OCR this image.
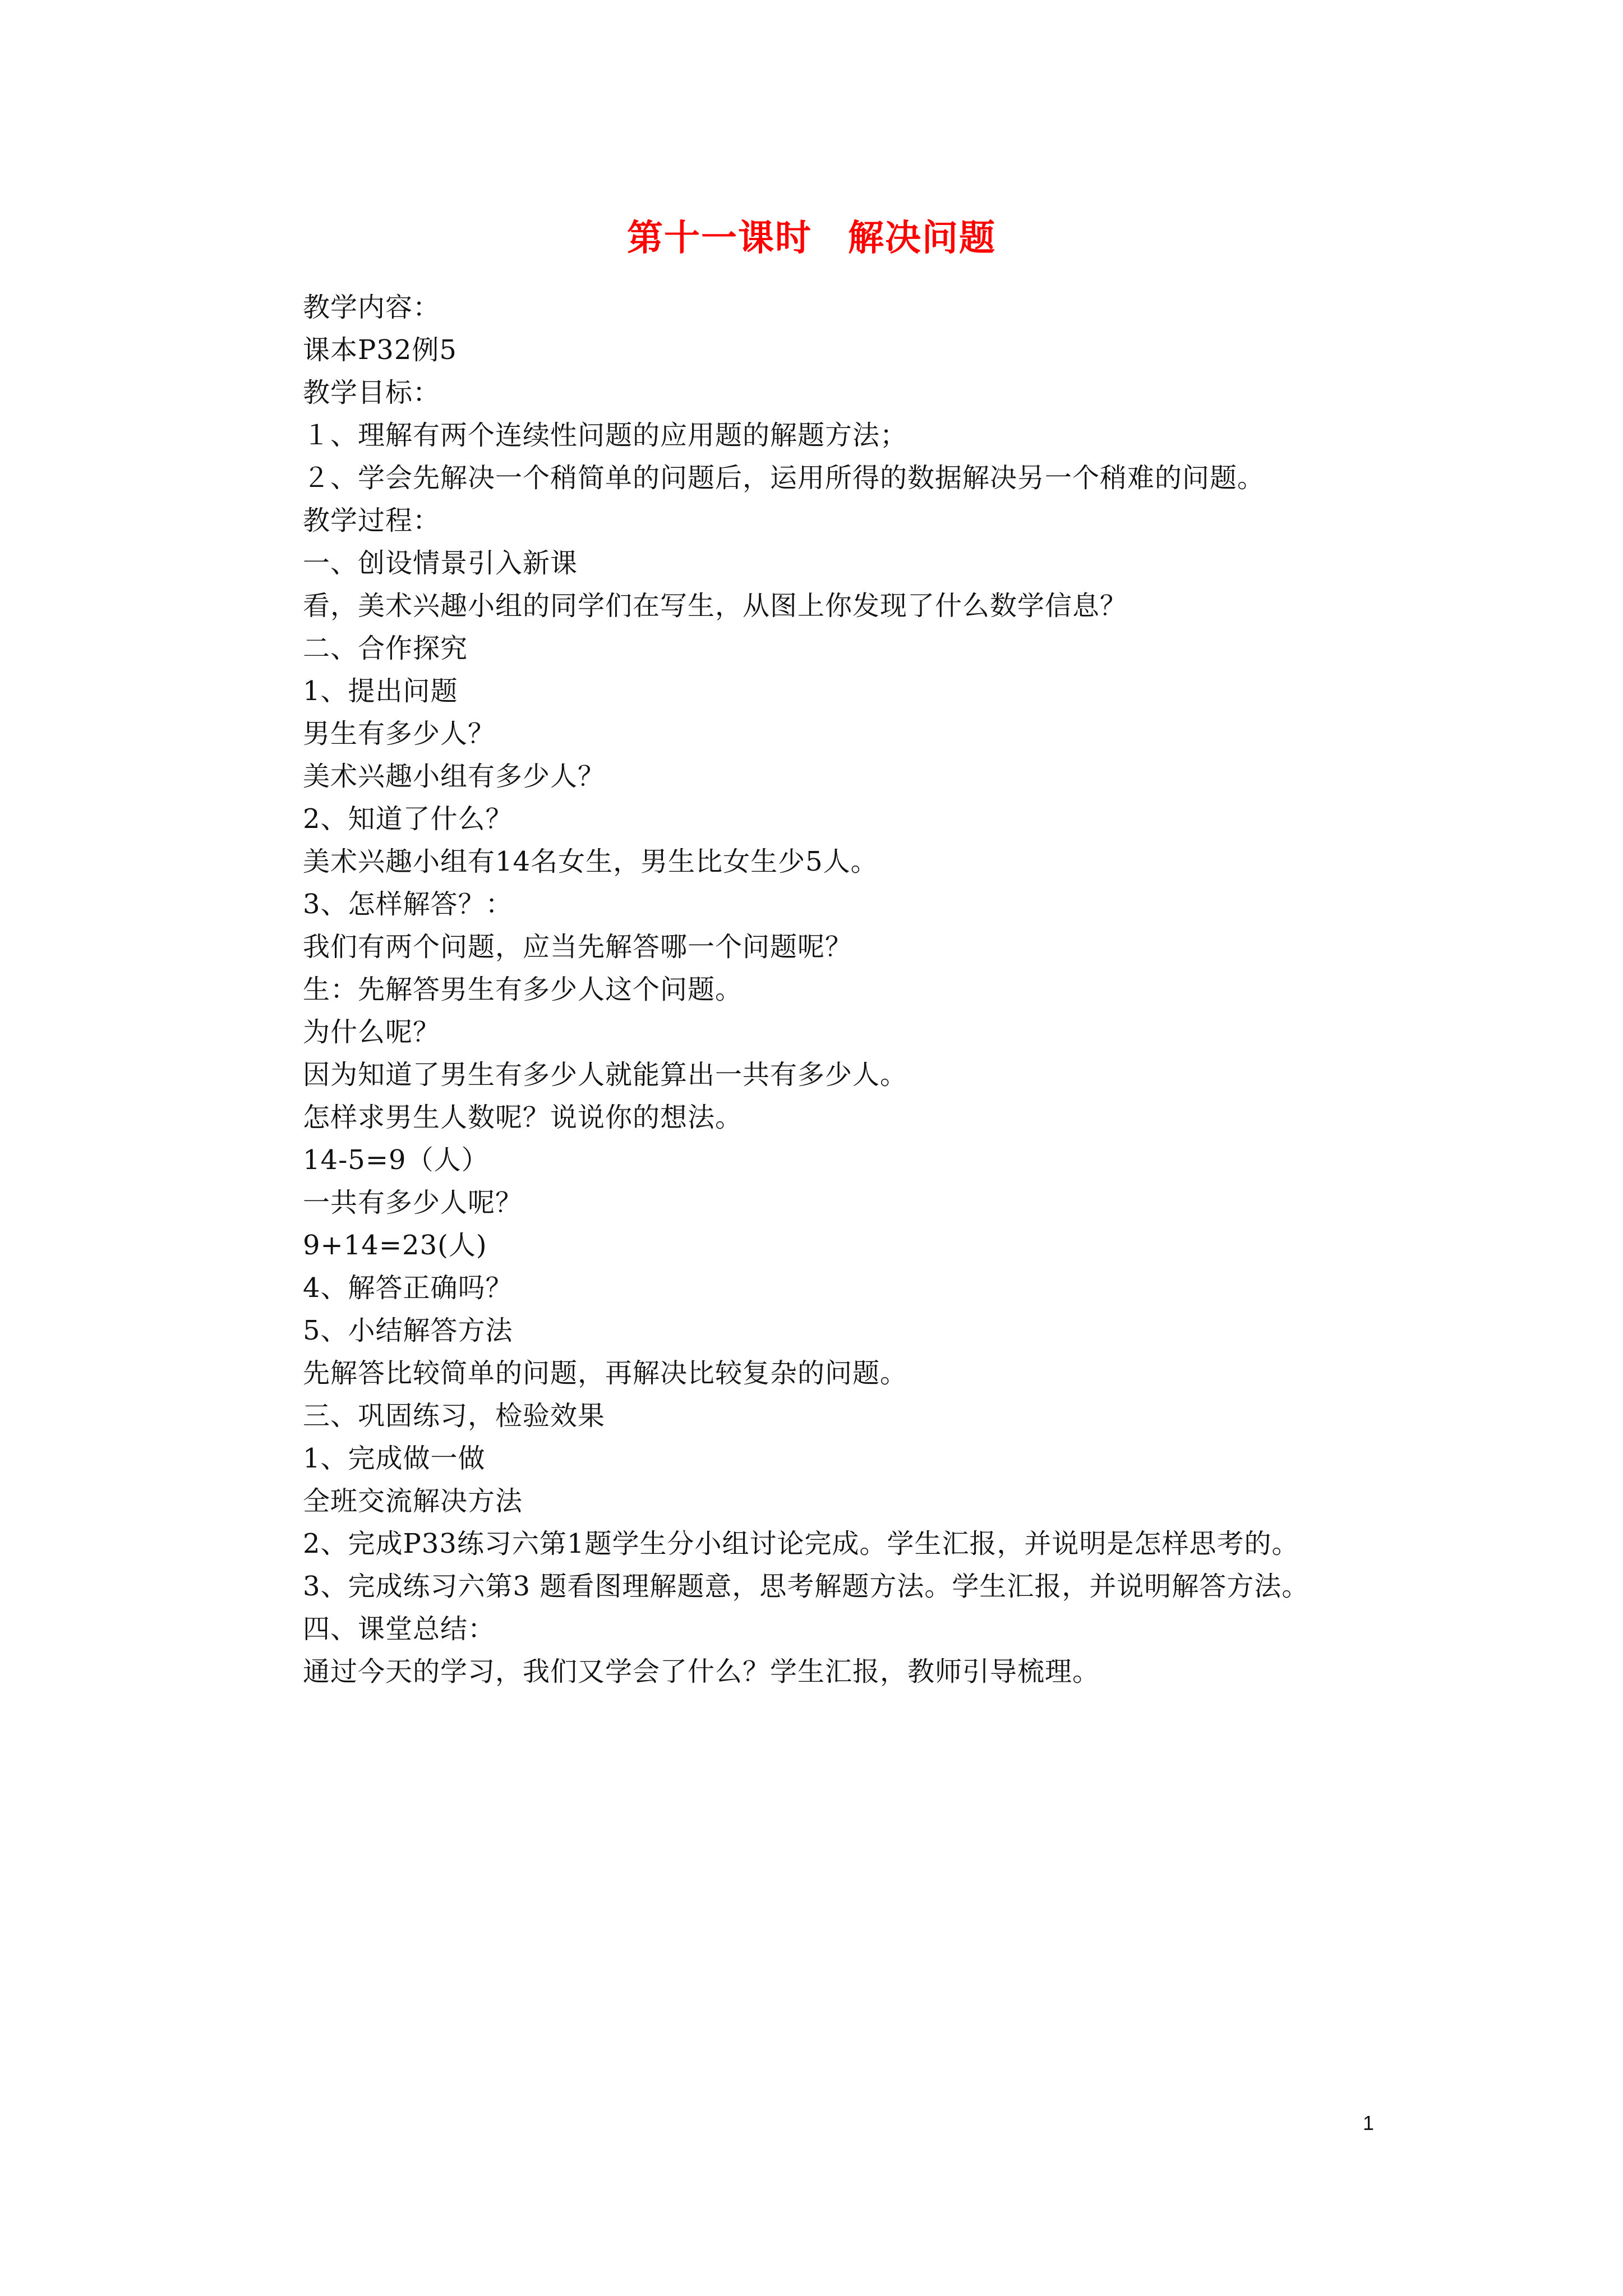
第十一课时 解决问题
教学内容：
课本P32例5
教学目标：
１、理解有两个连续性问题的应用题的解题方法；
２、学会先解决一个稍简单的问题后，运用所得的数据解决另一个稍难的问题。
教学过程：
一、创设情景引入新课
看，美术兴趣小组的同学们在写生，从图上你发现了什么数学信息？
二、合作探究
1、提出问题
男生有多少人？
美术兴趣小组有多少人？
2、知道了什么？
美术兴趣小组有14名女生，男生比女生少5人。
3、怎样解答？：
我们有两个问题，应当先解答哪一个问题呢？
生：先解答男生有多少人这个问题。
为什么呢？
因为知道了男生有多少人就能算出一共有多少人。
怎样求男生人数呢？说说你的想法。
14-5=9（人）
一共有多少人呢？
9+14=23(人)
4、解答正确吗？
5、小结解答方法
先解答比较简单的问题，再解决比较复杂的问题。
三、巩固练习，检验效果
1、完成做一做
全班交流解决方法
2、完成P33练习六第1题学生分小组讨论完成。学生汇报，并说明是怎样思考的。
3、完成练习六第3 题看图理解题意，思考解题方法。学生汇报，并说明解答方法。
四、课堂总结：
通过今天的学习，我们又学会了什么？学生汇报，教师引导梳理。
1
